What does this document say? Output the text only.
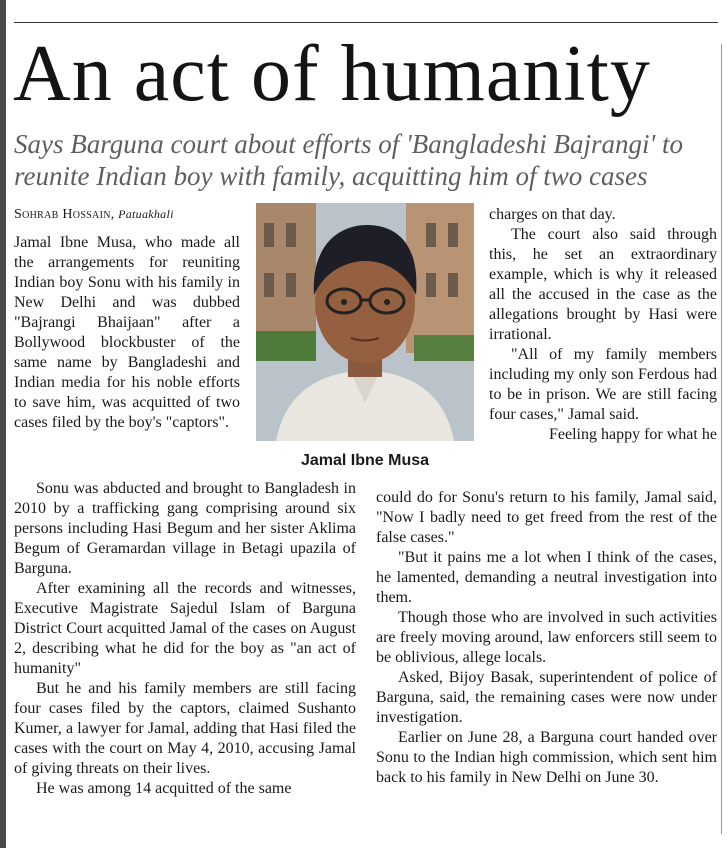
An act of humanity

Says Barguna court about efforts of 'Bangladeshi Bajrangi' to reunite Indian boy with family, acquitting him of two cases

Sohrab Hossain, Patuakhali
Jamal Ibne Musa

Jamal Ibne Musa, who made all the arrangements for reuniting Indian boy Sonu with his family in New Delhi and was dubbed "Bajrangi Bhaijaan" after a Bollywood blockbuster of the same name by Bangladeshi and Indian media for his noble efforts to save him, was acquitted of two cases filed by the boy's "captors".

Sonu was abducted and brought to Bangladesh in 2010 by a trafficking gang comprising around six persons including Hasi Begum and her sister Aklima Begum of Geramardan village in Betagi upazila of Barguna.

After examining all the records and witnesses, Executive Magistrate Sajedul Islam of Barguna District Court acquitted Jamal of the cases on August 2, describing what he did for the boy as "an act of humanity"

But he and his family members are still facing four cases filed by the captors, claimed Sushanto Kumer, a lawyer for Jamal, adding that Hasi filed the cases with the court on May 4, 2010, accusing Jamal of giving threats on their lives.

He was among 14 acquitted of the same

charges on that day.

The court also said through this, he set an extraordinary example, which is why it released all the accused in the case as the allegations brought by Hasi were irrational.

"All of my family members including my only son Ferdous had to be in prison. We are still facing four cases," Jamal said.

Feeling happy for what he

could do for Sonu's return to his family, Jamal said, "Now I badly need to get freed from the rest of the false cases."

"But it pains me a lot when I think of the cases, he lamented, demanding a neutral investigation into them.

Though those who are involved in such activities are freely moving around, law enforcers still seem to be oblivious, allege locals.

Asked, Bijoy Basak, superintendent of police of Barguna, said, the remaining cases were now under investigation.

Earlier on June 28, a Barguna court handed over Sonu to the Indian high commission, which sent him back to his family in New Delhi on June 30.
